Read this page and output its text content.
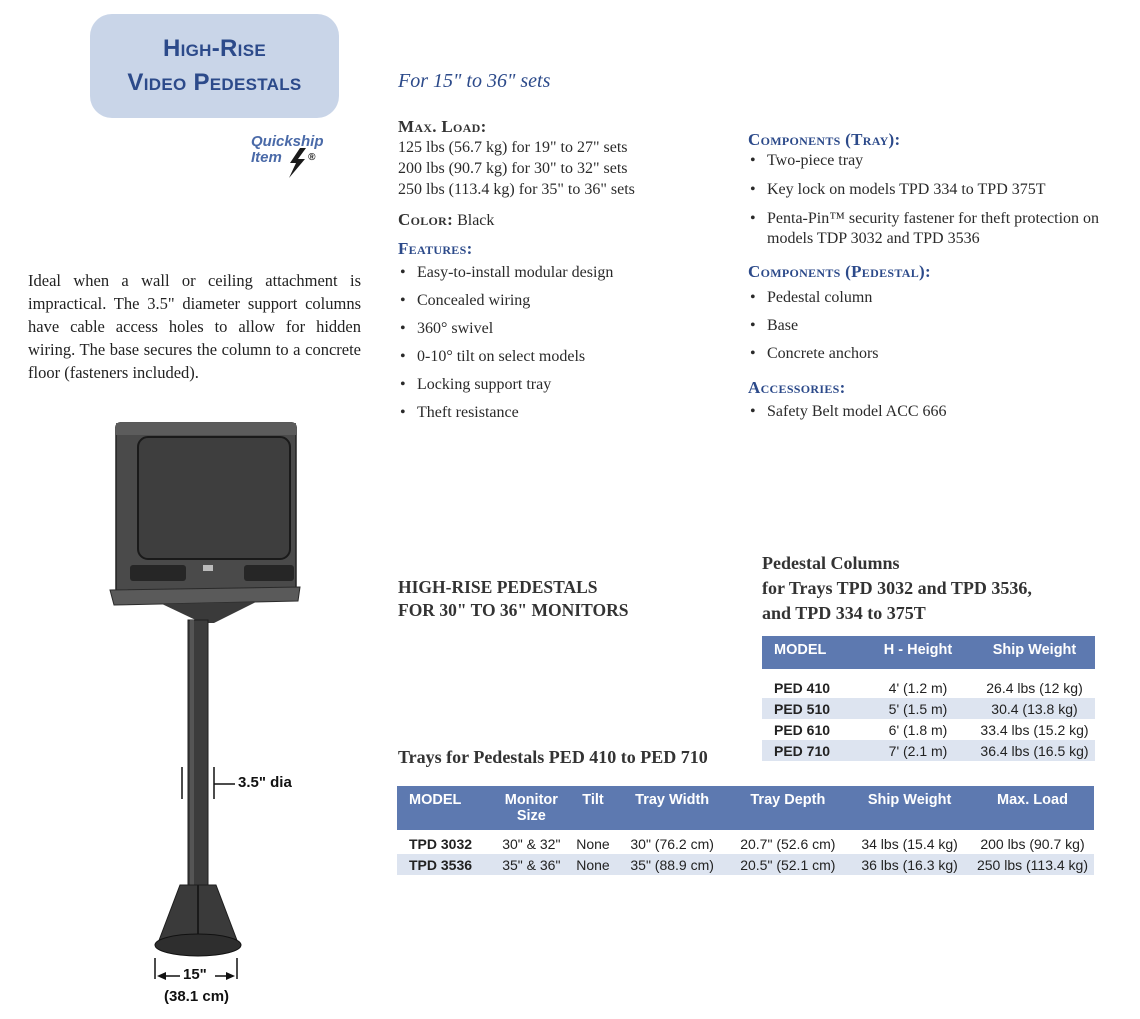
High-Rise
Video Pedestals
Quickship
Item	®
For 15" to 36" sets
Ideal when a wall or ceiling attachment is impractical. The 3.5" diameter support columns have cable access holes to allow for hidden wiring. The base secures the column to a concrete floor (fasteners included).
Max. Load:
125 lbs (56.7 kg) for 19" to 27" sets
200 lbs (90.7 kg) for 30" to 32" sets
250 lbs (113.4 kg) for 35" to 36" sets
Color: Black
Features:
• Easy-to-install modular design
• Concealed wiring
• 360° swivel
• 0-10° tilt on select models
• Locking support tray
• Theft resistance
Components (Tray):
• Two-piece tray
• Key lock on models TPD 334 to TPD 375T
• Penta-Pin™ security fastener for theft protection on models TDP 3032 and TPD 3536
Components (Pedestal):
• Pedestal column
• Base
• Concrete anchors
Accessories:
• Safety Belt model ACC 666
HIGH-RISE PEDESTALS
FOR 30" TO 36" MONITORS
Pedestal Columns
for Trays TPD 3032 and TPD 3536,
and TPD 334 to 375T
MODEL	H - Height	Ship Weight

PED 410	4' (1.2 m)	26.4 lbs (12 kg)
PED 510	5' (1.5 m)	30.4 (13.8 kg)
PED 610	6' (1.8 m)	33.4 lbs (15.2 kg)
PED 710	7' (2.1 m)	36.4 lbs (16.5 kg)
Trays for Pedestals PED 410 to PED 710
MODEL	Monitor Size	Tilt	Tray Width	Tray Depth	Ship Weight	Max. Load

TPD 3032	30" & 32"	None	30" (76.2 cm)	20.7" (52.6 cm)	34 lbs (15.4 kg)	200 lbs (90.7 kg)
TPD 3536	35" & 36"	None	35" (88.9 cm)	20.5" (52.1 cm)	36 lbs (16.3 kg)	250 lbs (113.4 kg)
3.5" dia
15"
(38.1 cm)
